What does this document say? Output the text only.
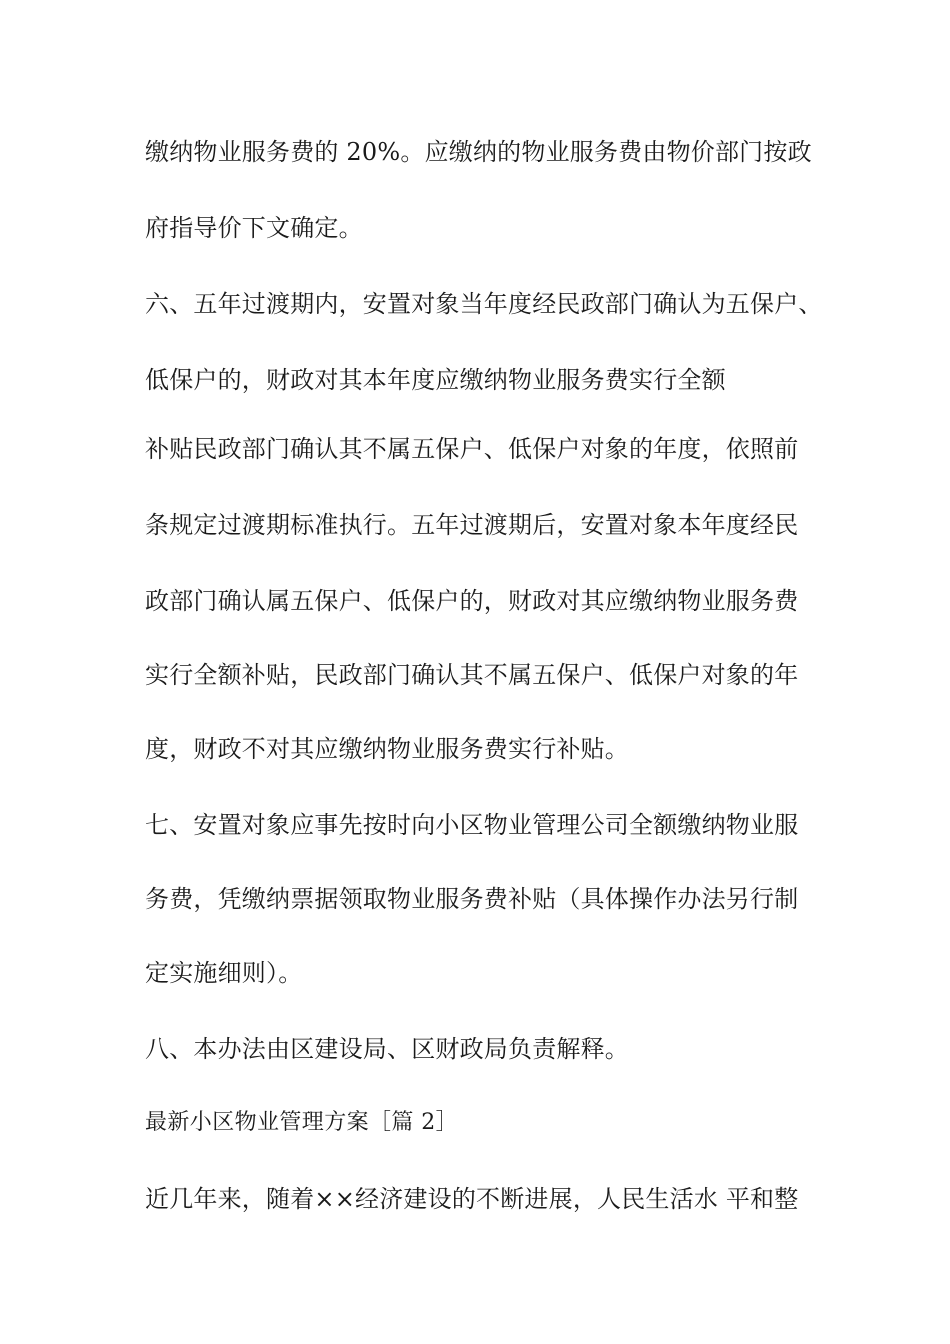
缴纳物业服务费的 20%。应缴纳的物业服务费由物价部门按政
府指导价下文确定。
六、五年过渡期内，安置对象当年度经民政部门确认为五保户、
低保户的，财政对其本年度应缴纳物业服务费实行全额
补贴民政部门确认其不属五保户、低保户对象的年度，依照前
条规定过渡期标准执行。五年过渡期后，安置对象本年度经民
政部门确认属五保户、低保户的，财政对其应缴纳物业服务费
实行全额补贴，民政部门确认其不属五保户、低保户对象的年
度，财政不对其应缴纳物业服务费实行补贴。
七、安置对象应事先按时向小区物业管理公司全额缴纳物业服
务费，凭缴纳票据领取物业服务费补贴（具体操作办法另行制
定实施细则）。
八、本办法由区建设局、区财政局负责解释。
最新小区物业管理方案［篇 2］
近几年来，随着××经济建设的不断进展，人民生活水 平和整
